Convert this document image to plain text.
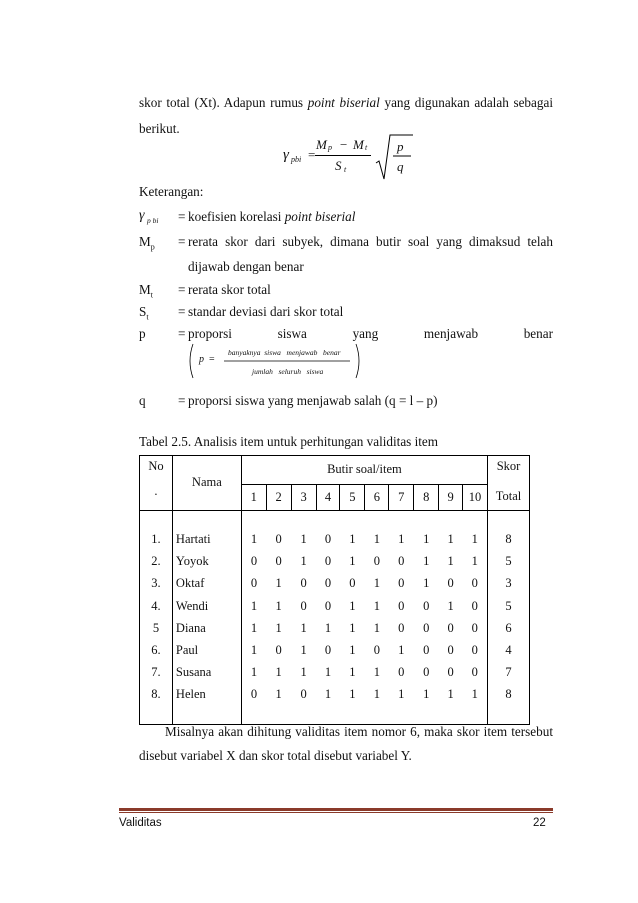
skor total (Xt). Adapun rumus point biserial yang digunakan adalah sebagai
berikut.
γ pbi =
M p − M t
S t
p
q
Keterangan:
γ p bi = koefisien korelasi point biserial
$M_p$ = rerata skor dari subyek, dimana butir soal yang dimaksud telah
dijawab dengan benar
$M_t$ = rerata skor total
$S_t$ = standar deviasi dari skor total
p = proporsi	siswa	yang	menjawab	benar
p =
banyaknya  siswa   menjawab   benar
jumlah   seluruh   siswa
q = proporsi siswa yang menjawab salah (q = l – p)
Tabel 2.5. Analisis item untuk perhitungan validitas item
No	Nama	Butir soal/item										Skor
.		1	2	3	4	5	6	7	8	9	10	Total

1.	Hartati	1	0	1	0	1	1	1	1	1	1	8
2.	Yoyok	0	0	1	0	1	0	0	1	1	1	5
3.	Oktaf	0	1	0	0	0	1	0	1	0	0	3
4.	Wendi	1	1	0	0	1	1	0	0	1	0	5
5	Diana	1	1	1	1	1	1	0	0	0	0	6
6.	Paul	1	0	1	0	1	0	1	0	0	0	4
7.	Susana	1	1	1	1	1	1	0	0	0	0	7
8.	Helen	0	1	0	1	1	1	1	1	1	1	8

Misalnya akan dihitung validitas item nomor 6, maka skor item tersebut
disebut variabel X dan skor total disebut variabel Y.
Validitas	22
